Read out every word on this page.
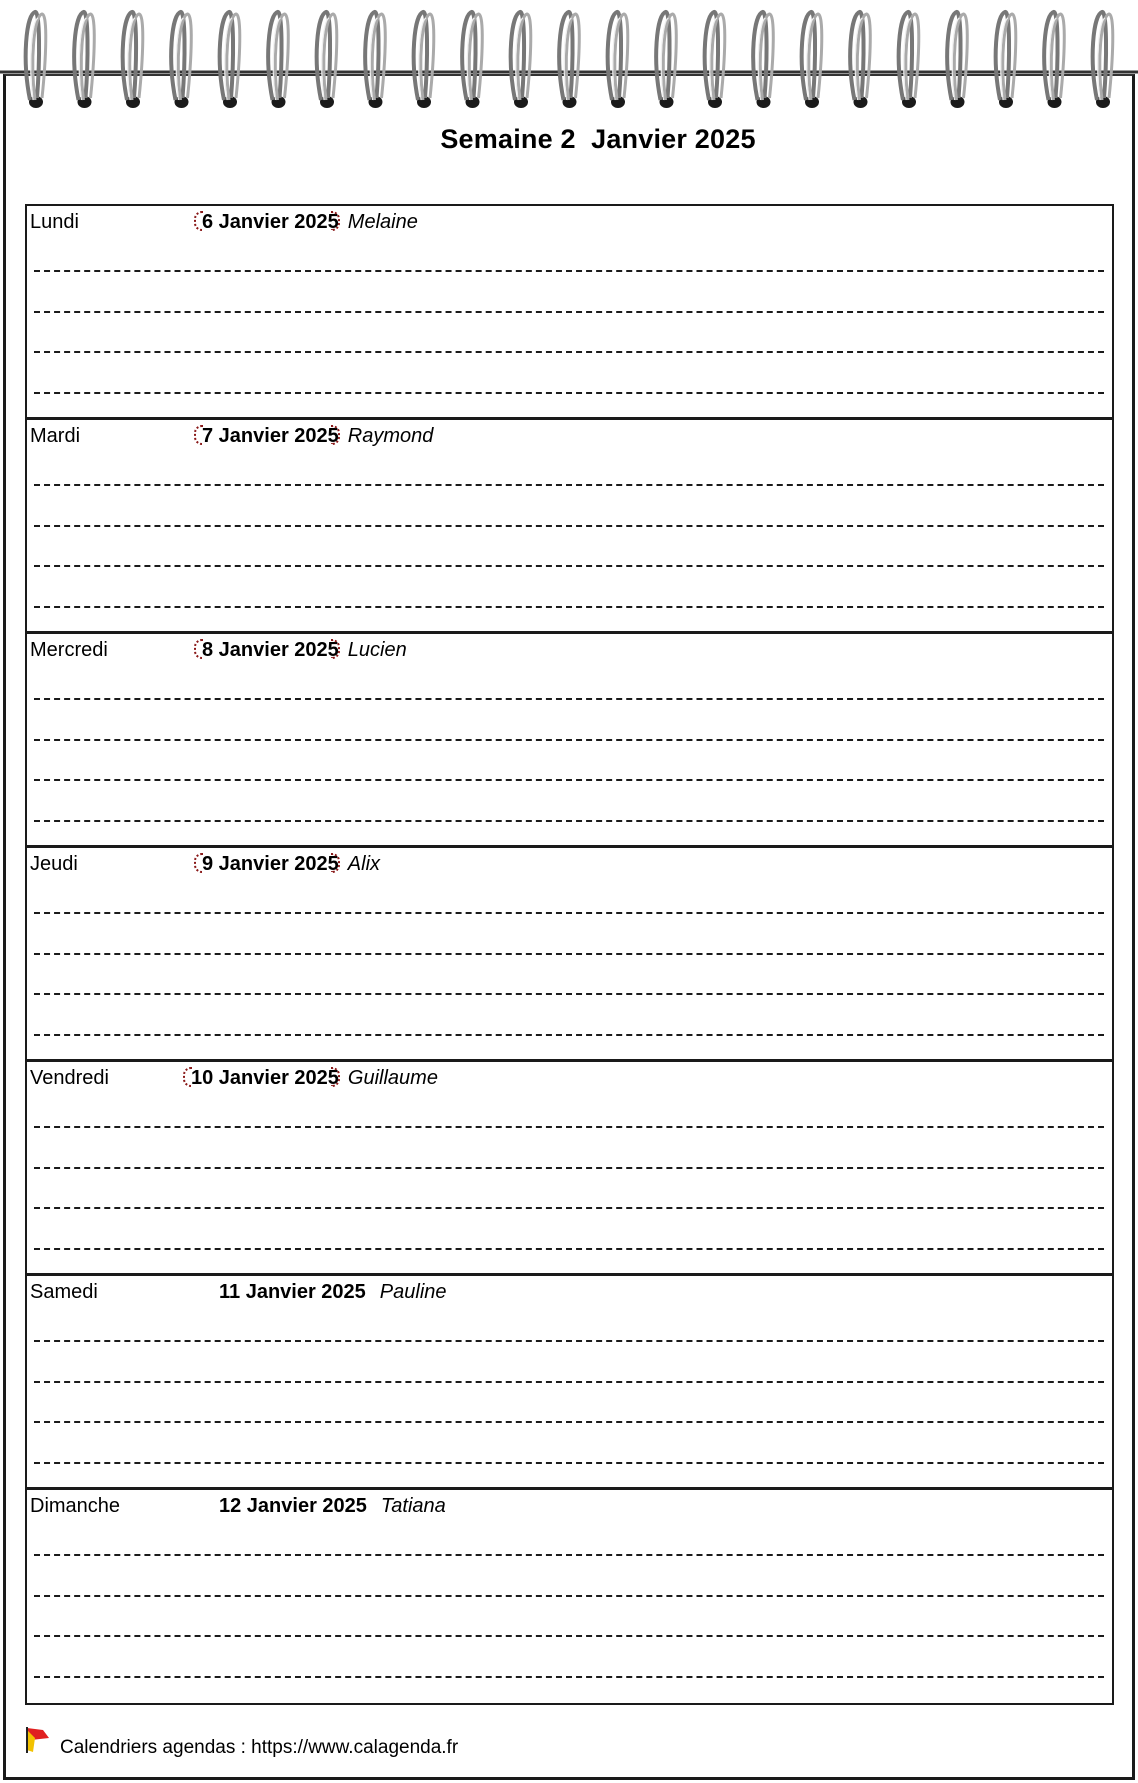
Semaine 2  Janvier 2025
Lundi	6 Janvier 2025 Melaine
Mardi	7 Janvier 2025 Raymond
Mercredi	8 Janvier 2025 Lucien
Jeudi	9 Janvier 2025 Alix
Vendredi	10 Janvier 2025 Guillaume
Samedi	11 Janvier 2025 Pauline
Dimanche	12 Janvier 2025 Tatiana
Calendriers agendas : https://www.calagenda.fr
